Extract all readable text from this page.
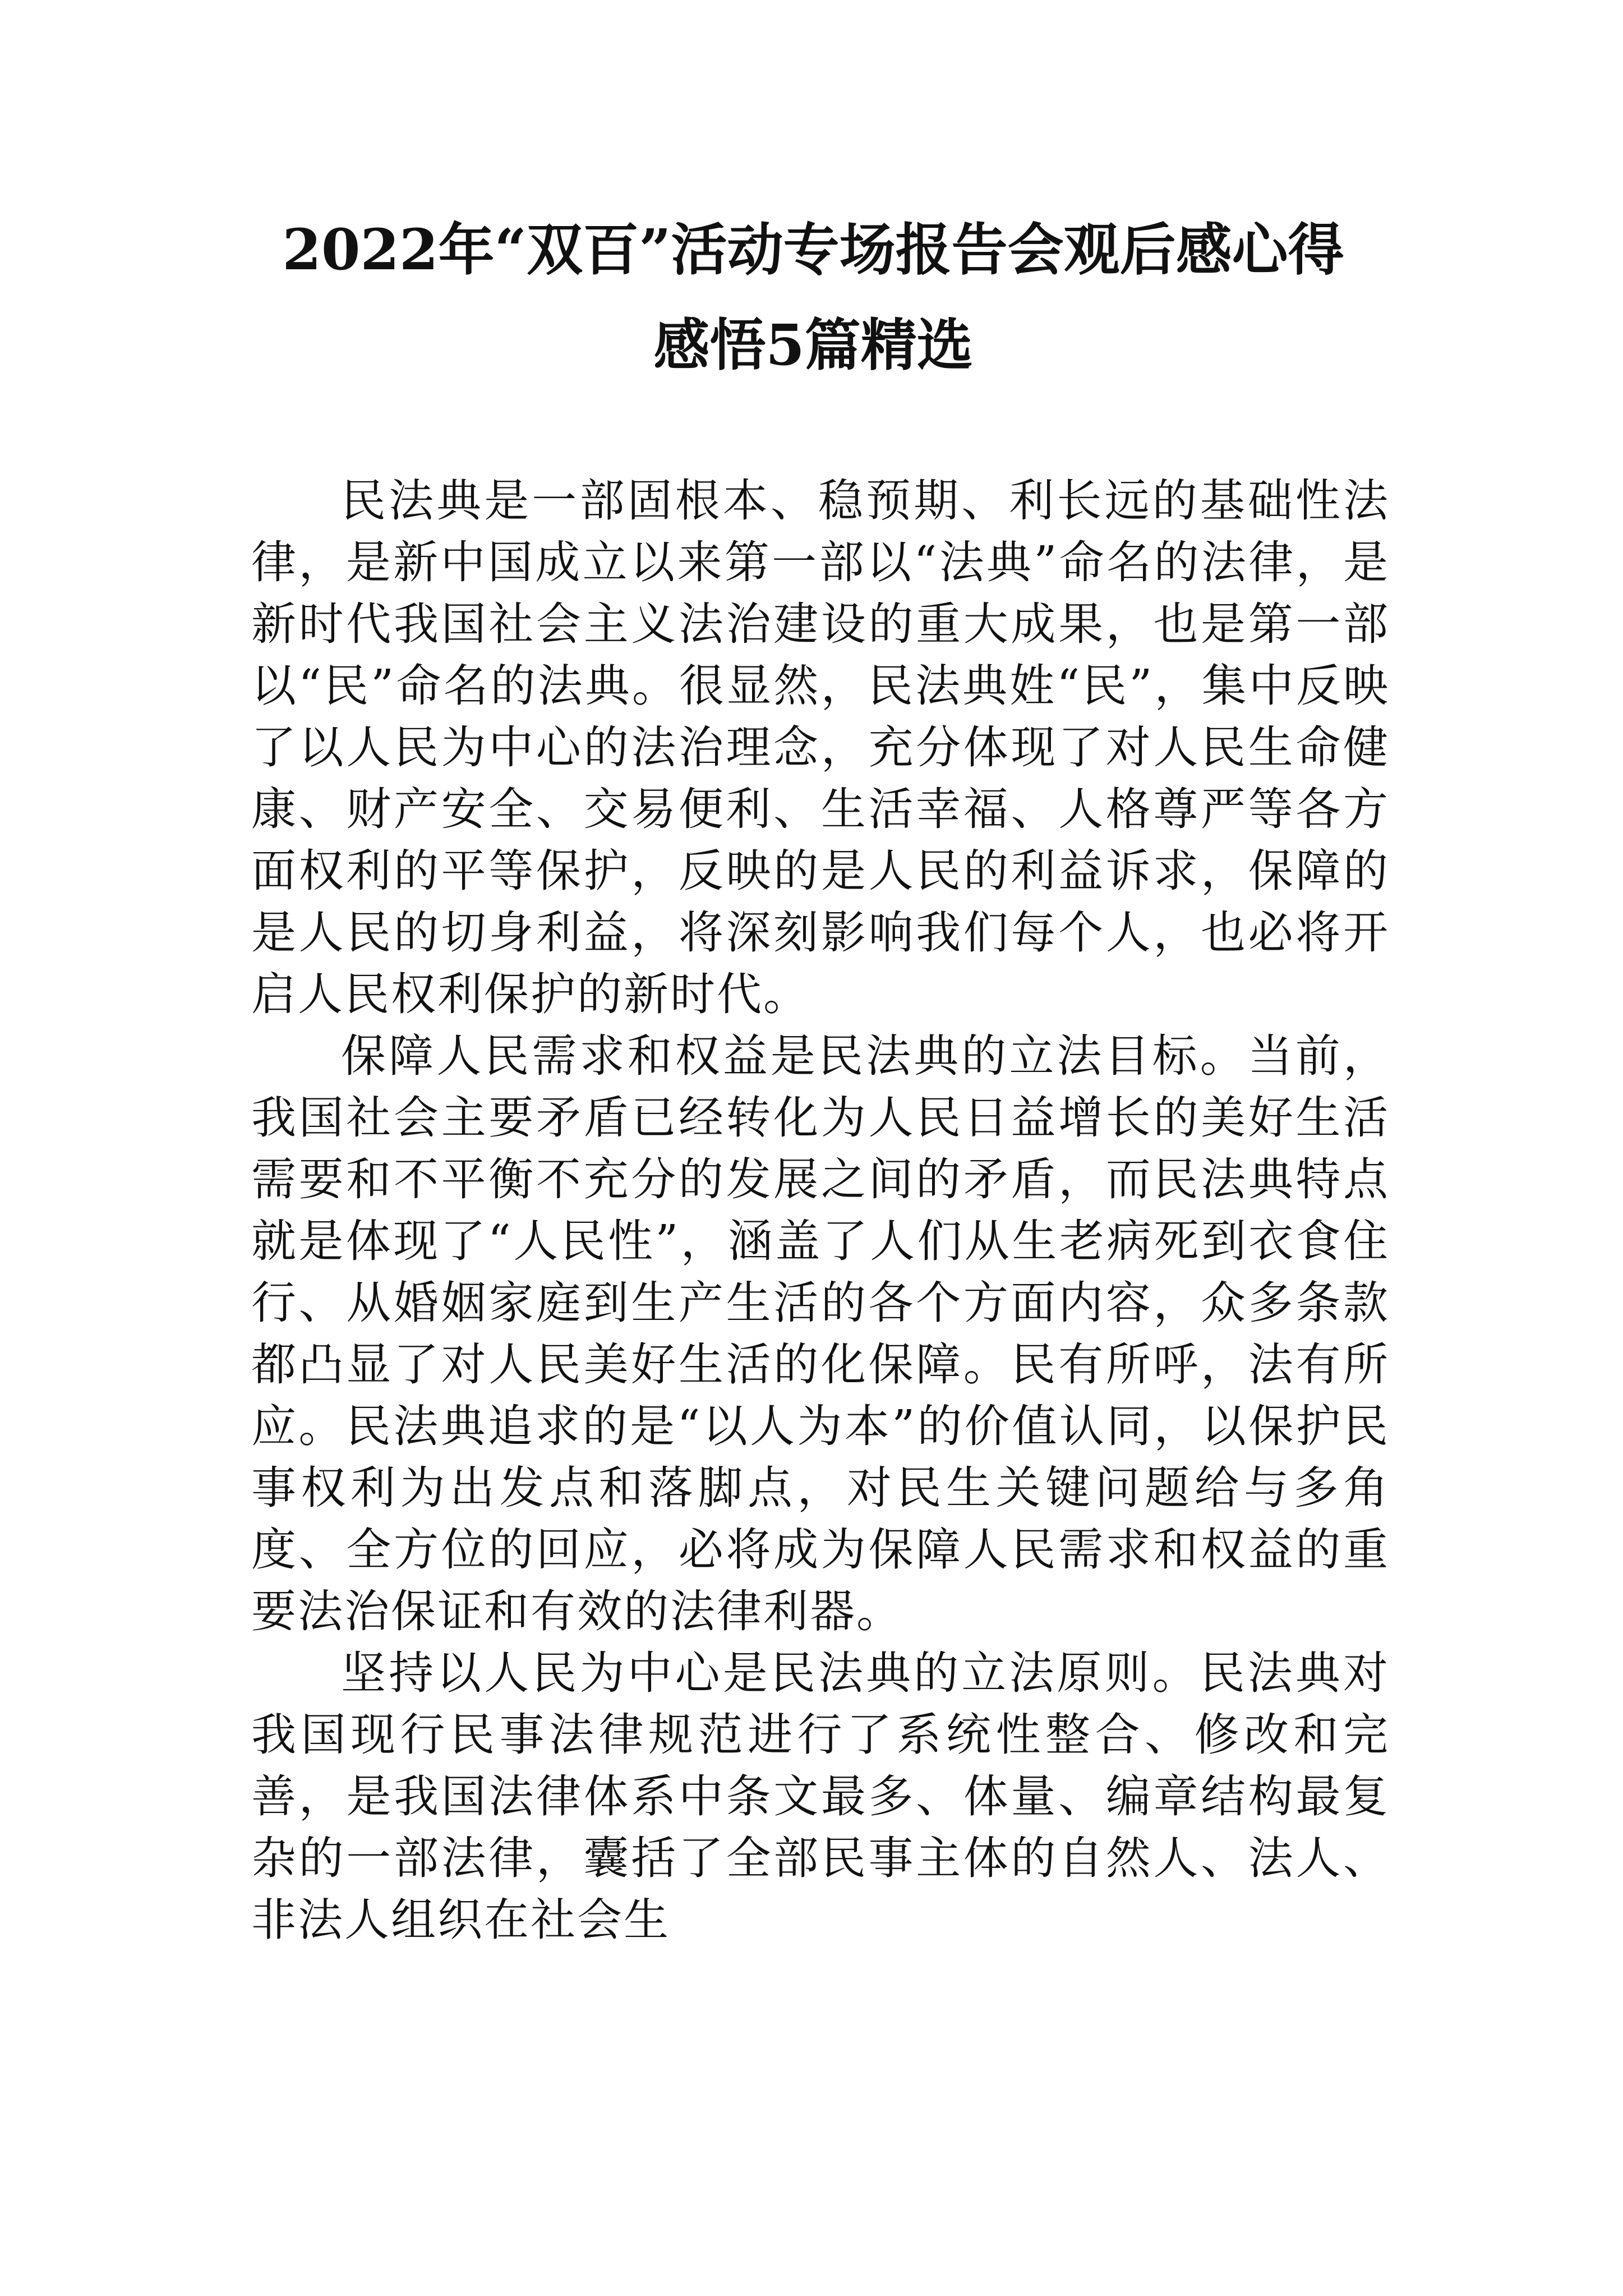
2022年“双百”活动专场报告会观后感心得
感悟5篇精选

民法典是一部固根本、稳预期、利长远的基础性法律，是新中国成立以来第一部以“法典”命名的法律，是新时代我国社会主义法治建设的重大成果，也是第一部以“民”命名的法典。很显然，民法典姓“民”，集中反映了以人民为中心的法治理念，充分体现了对人民生命健康、财产安全、交易便利、生活幸福、人格尊严等各方面权利的平等保护，反映的是人民的利益诉求，保障的是人民的切身利益，将深刻影响我们每个人，也必将开启人民权利保护的新时代。

保障人民需求和权益是民法典的立法目标。当前，我国社会主要矛盾已经转化为人民日益增长的美好生活需要和不平衡不充分的发展之间的矛盾，而民法典特点就是体现了“人民性”，涵盖了人们从生老病死到衣食住行、从婚姻家庭到生产生活的各个方面内容，众多条款都凸显了对人民美好生活的化保障。民有所呼，法有所应。民法典追求的是“以人为本”的价值认同，以保护民事权利为出发点和落脚点，对民生关键问题给与多角度、全方位的回应，必将成为保障人民需求和权益的重要法治保证和有效的法律利器。

坚持以人民为中心是民法典的立法原则。民法典对我国现行民事法律规范进行了系统性整合、修改和完善，是我国法律体系中条文最多、体量、编章结构最复杂的一部法律，囊括了全部民事主体的自然人、法人、非法人组织在社会生
